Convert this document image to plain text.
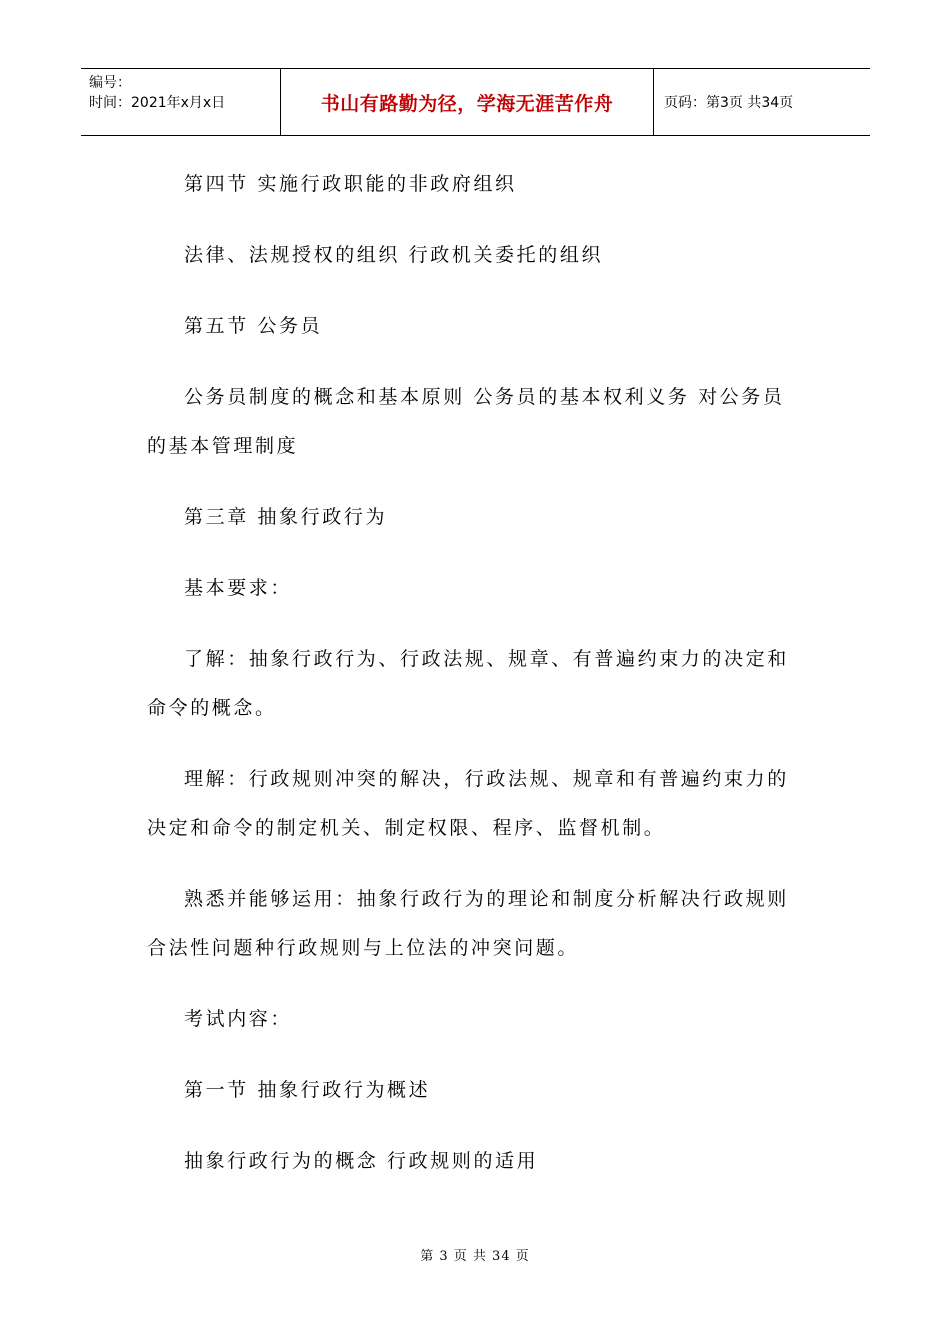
编号：
时间：2021年x月x日	书山有路勤为径，学海无涯苦作舟	页码：第3页 共34页

第四节 实施行政职能的非政府组织

法律、法规授权的组织 行政机关委托的组织

第五节 公务员

公务员制度的概念和基本原则 公务员的基本权利义务 对公务员的基本管理制度

第三章 抽象行政行为

基本要求：

了解：抽象行政行为、行政法规、规章、有普遍约束力的决定和命令的概念。

理解：行政规则冲突的解决，行政法规、规章和有普遍约束力的决定和命令的制定机关、制定权限、程序、监督机制。

熟悉并能够运用：抽象行政行为的理论和制度分析解决行政规则合法性问题种行政规则与上位法的冲突问题。

考试内容：

第一节 抽象行政行为概述

抽象行政行为的概念 行政规则的适用

第 3 页 共 34 页
